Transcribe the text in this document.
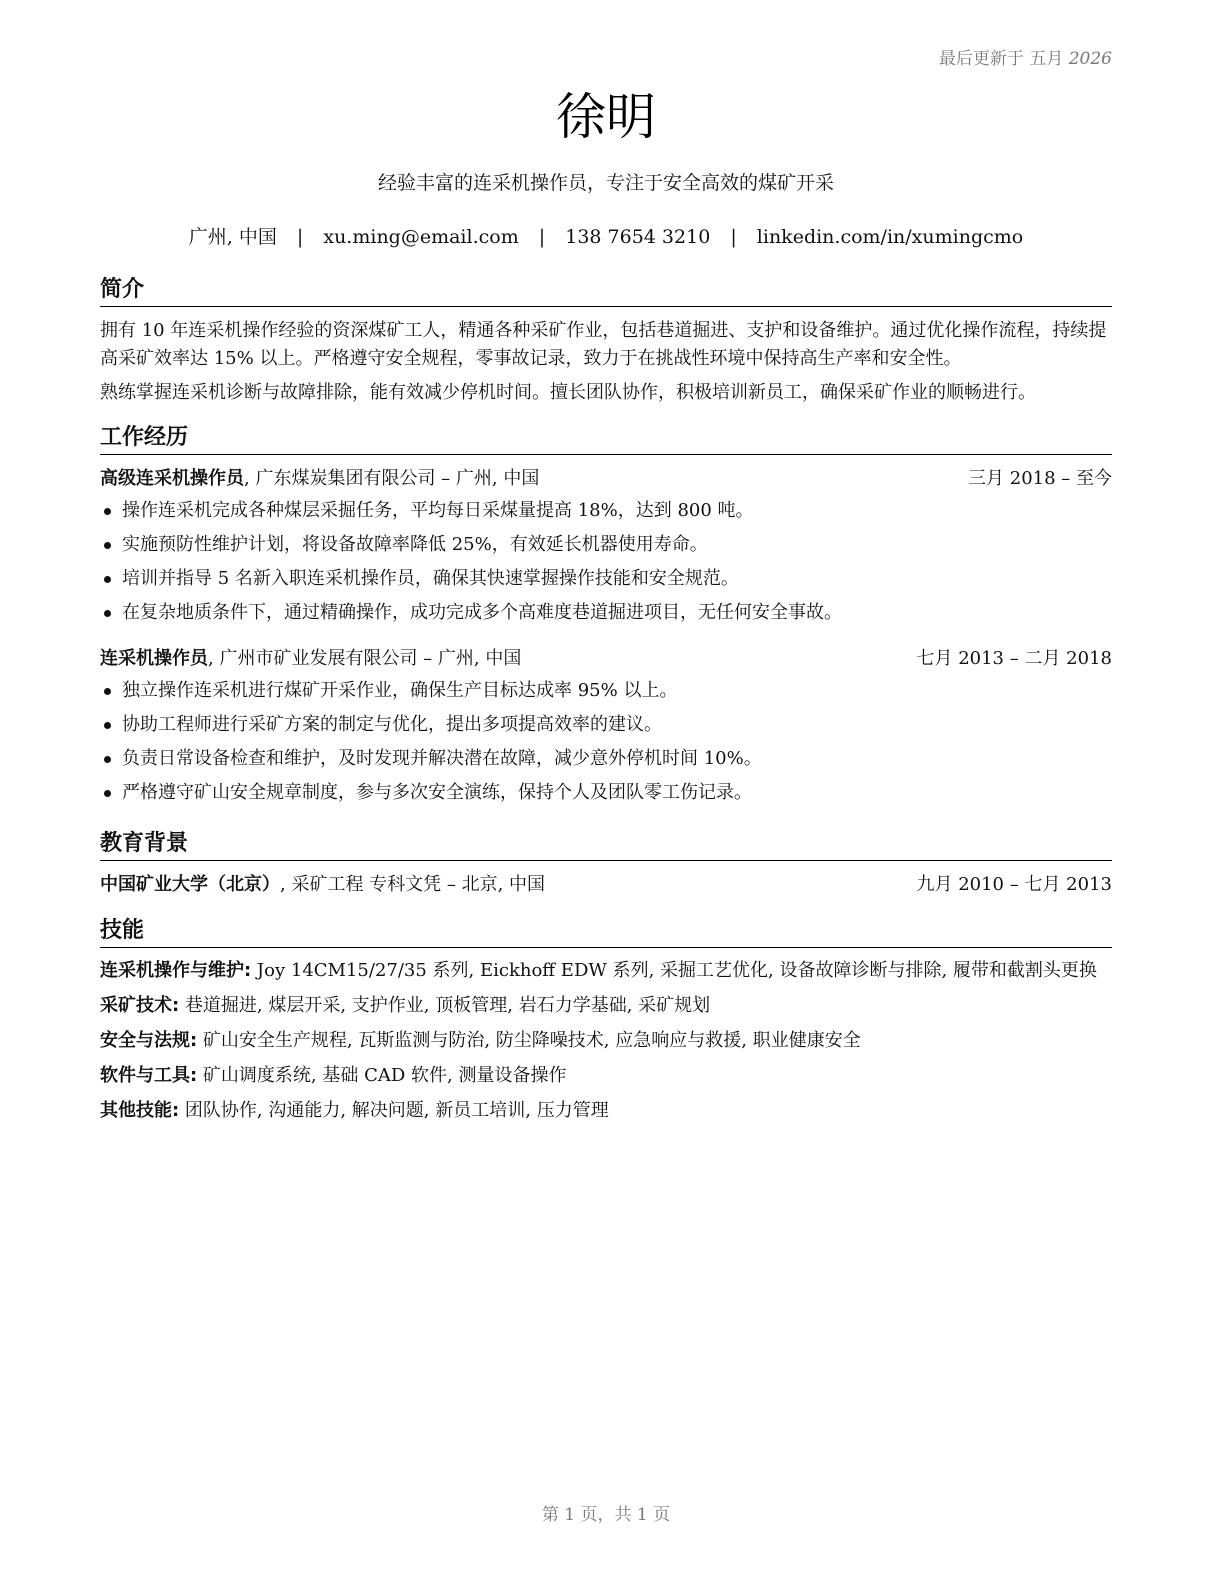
最后更新于 五月 2026
徐明
经验丰富的连采机操作员，专注于安全高效的煤矿开采
广州, 中国 | xu.ming@email.com | 138 7654 3210 | linkedin.com/in/xumingcmo
简介

拥有 10 年连采机操作经验的资深煤矿工人，精通各种采矿作业，包括巷道掘进、支护和设备维护。通过优化操作流程，持续提高采矿效率达 15% 以上。严格遵守安全规程，零事故记录，致力于在挑战性环境中保持高生产率和安全性。

熟练掌握连采机诊断与故障排除，能有效减少停机时间。擅长团队协作，积极培训新员工，确保采矿作业的顺畅进行。

工作经历
高级连采机操作员, 广东煤炭集团有限公司 – 广州, 中国	三月 2018 – 至今
操作连采机完成各种煤层采掘任务，平均每日采煤量提高 18%，达到 800 吨。
实施预防性维护计划，将设备故障率降低 25%，有效延长机器使用寿命。
培训并指导 5 名新入职连采机操作员，确保其快速掌握操作技能和安全规范。
在复杂地质条件下，通过精确操作，成功完成多个高难度巷道掘进项目，无任何安全事故。
连采机操作员, 广州市矿业发展有限公司 – 广州, 中国	七月 2013 – 二月 2018
独立操作连采机进行煤矿开采作业，确保生产目标达成率 95% 以上。
协助工程师进行采矿方案的制定与优化，提出多项提高效率的建议。
负责日常设备检查和维护，及时发现并解决潜在故障，减少意外停机时间 10%。
严格遵守矿山安全规章制度，参与多次安全演练，保持个人及团队零工伤记录。
教育背景
中国矿业大学（北京）, 采矿工程 专科文凭 – 北京, 中国	九月 2010 – 七月 2013
技能
连采机操作与维护: Joy 14CM15/27/35 系列, Eickhoff EDW 系列, 采掘工艺优化, 设备故障诊断与排除, 履带和截割头更换
采矿技术: 巷道掘进, 煤层开采, 支护作业, 顶板管理, 岩石力学基础, 采矿规划
安全与法规: 矿山安全生产规程, 瓦斯监测与防治, 防尘降噪技术, 应急响应与救援, 职业健康安全
软件与工具: 矿山调度系统, 基础 CAD 软件, 测量设备操作
其他技能: 团队协作, 沟通能力, 解决问题, 新员工培训, 压力管理
第 1 页，共 1 页
